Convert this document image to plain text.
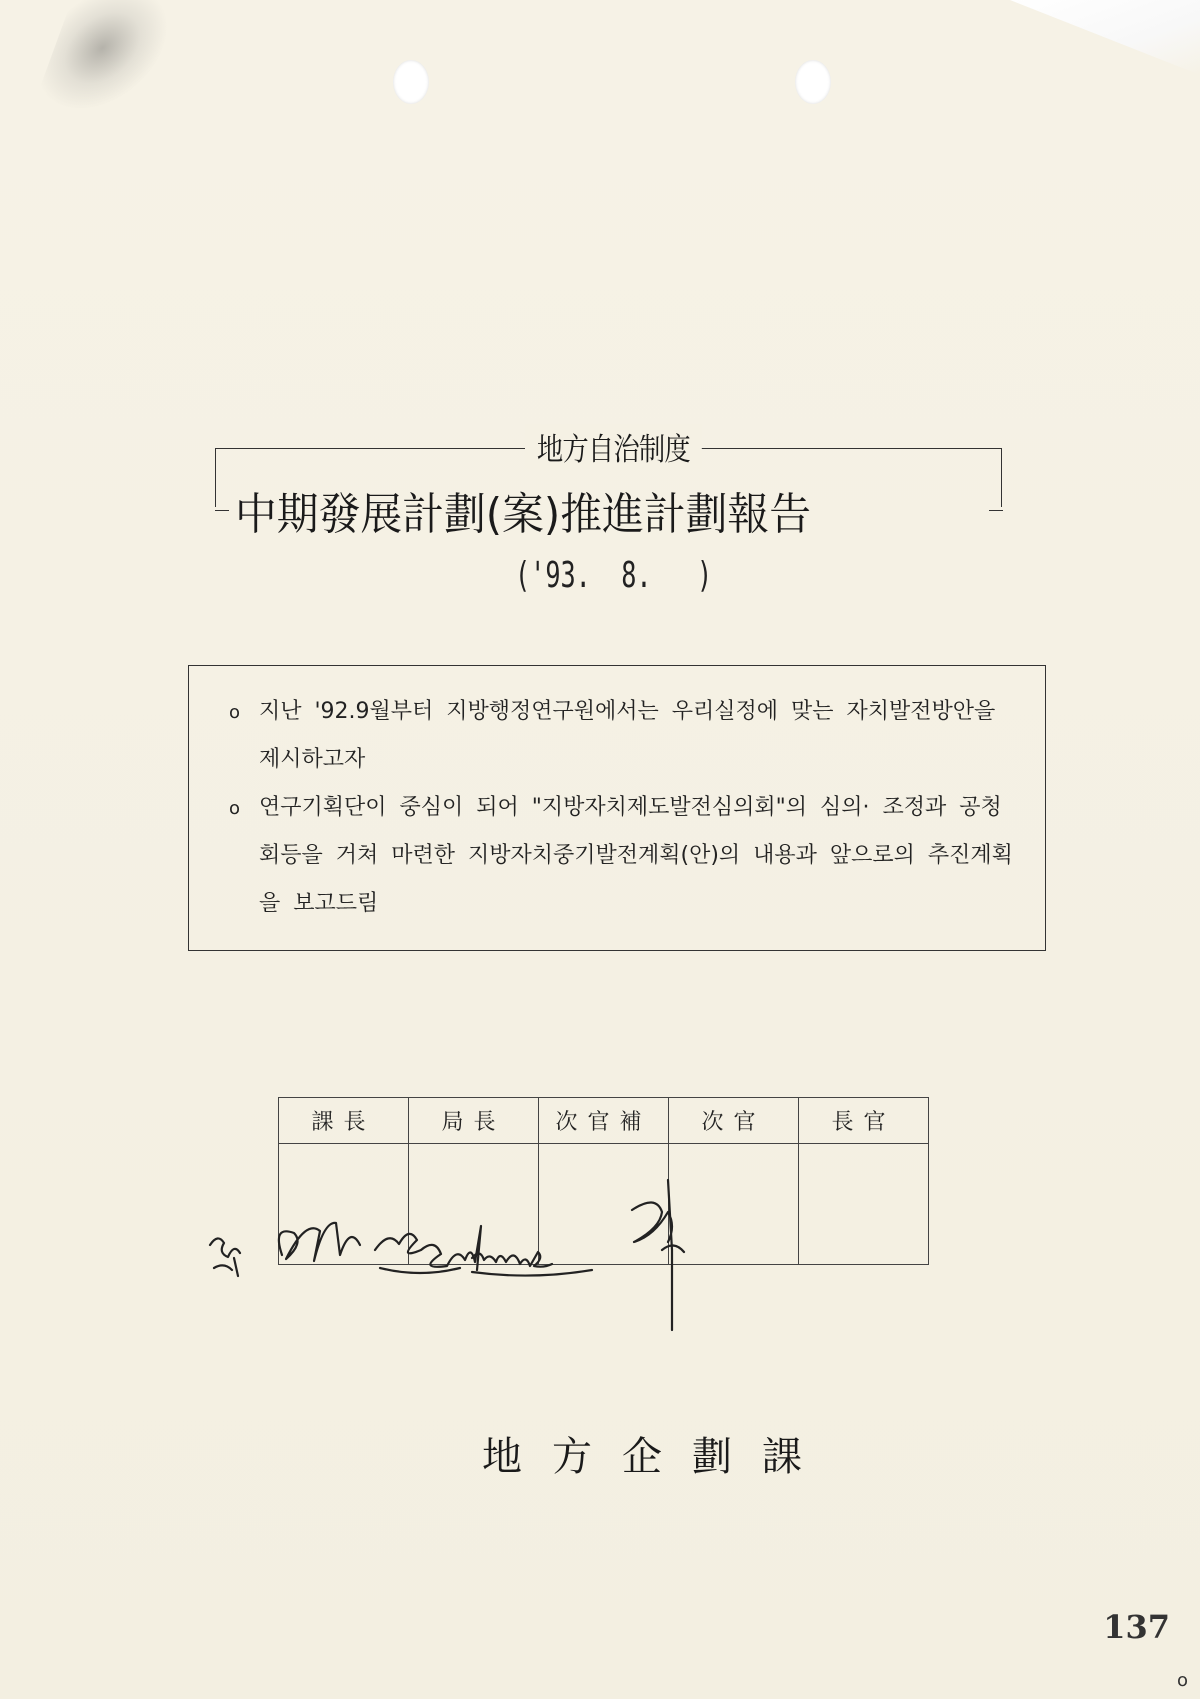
地方自治制度
中期發展計劃(案)推進計劃報告
('93.  8.   )
o 지난 '92.9월부터 지방행정연구원에서는 우리실정에 맞는 자치발전방안을 제시하고자
o 연구기획단이 중심이 되어 "지방자치제도발전심의회"의 심의· 조정과 공청회등을 거쳐 마련한 지방자치중기발전계획(안)의 내용과 앞으로의 추진계획을 보고드림
課長	局長	次官補	次官	長官

地方企劃課
137
o
